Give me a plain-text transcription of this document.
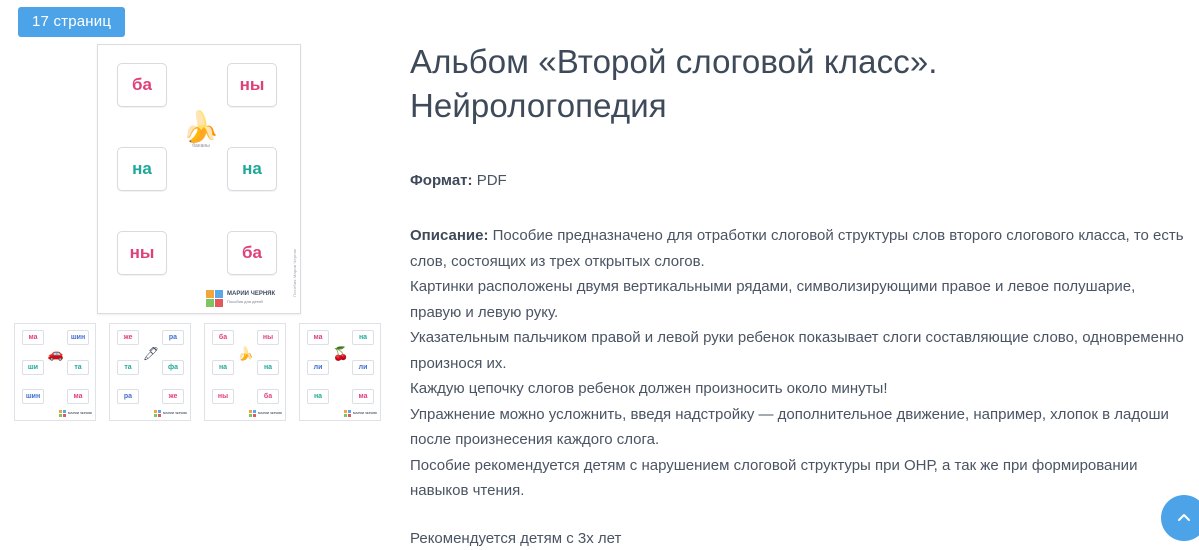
17 страниц
ба	ны
на	на
ны	ба
🍌
бананы
МАРИИ ЧЕРНЯК
Пособия для детей
Пособия Марии Черняк
ма	шин
ши	та
шин	ма
🚗
МАРИИ ЧЕРНЯК
же	ра
та	фа
ра	же
🖊
МАРИИ ЧЕРНЯК
ба	ны
на	на
ны	ба
🍌
МАРИИ ЧЕРНЯК
ма	на
ли	ли
на	ма
🍒
МАРИИ ЧЕРНЯК
Альбом «Второй слоговой класс». Нейрологопедия
Формат: PDF

Описание: Пособие предназначено для отработки слоговой структуры слов второго слогового класса, то есть слов, состоящих из трех открытых слогов.

Картинки расположены двумя вертикальными рядами, символизирующими правое и левое полушарие, правую и левую руку.

Указательным пальчиком правой и левой руки ребенок показывает слоги составляющие слово, одновременно произнося их.

Каждую цепочку слогов ребенок должен произносить около минуты!

Упражнение можно усложнить, введя надстройку — дополнительное движение, например, хлопок в ладоши после произнесения каждого слога.

Пособие рекомендуется детям с нарушением слоговой структуры при ОНР, а так же при формировании навыков чтения.

Рекомендуется детям с 3х лет
